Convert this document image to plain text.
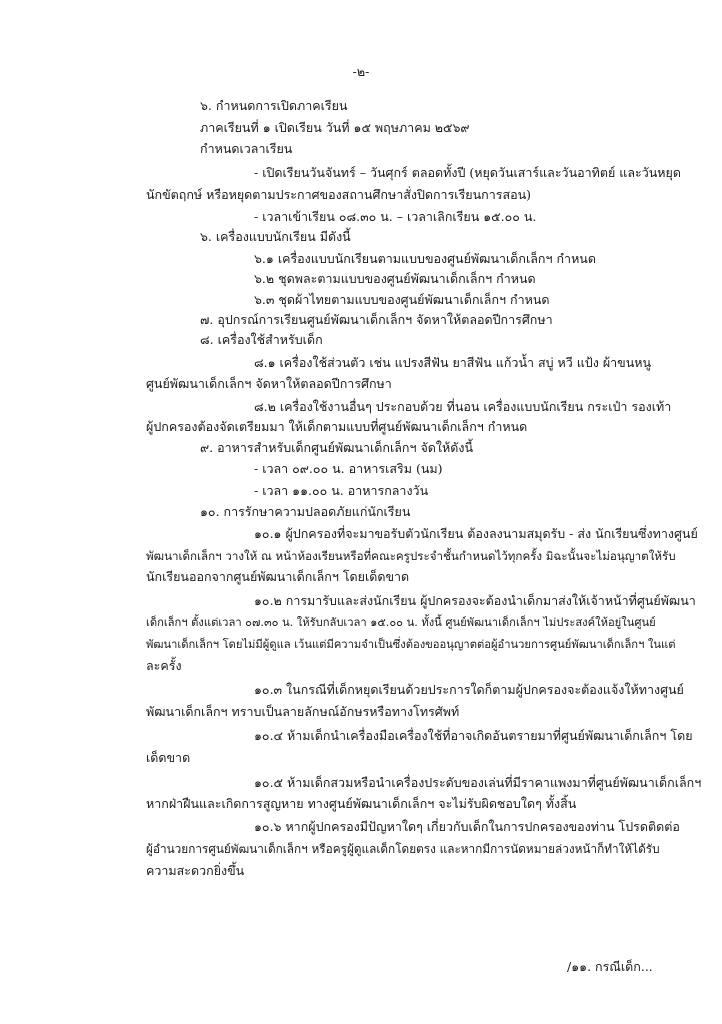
-๒-
๖. กำหนดการเปิดภาคเรียน
ภาคเรียนที่ ๑ เปิดเรียน วันที่ ๑๕ พฤษภาคม ๒๕๖๙
กำหนดเวลาเรียน
- เปิดเรียนวันจันทร์ – วันศุกร์ ตลอดทั้งปี (หยุดวันเสาร์และวันอาทิตย์ และวันหยุด
นักขัตฤกษ์ หรือหยุดตามประกาศของสถานศึกษาสั่งปิดการเรียนการสอน)
- เวลาเข้าเรียน ๐๘.๓๐ น. – เวลาเลิกเรียน ๑๕.๐๐ น.
๖. เครื่องแบบนักเรียน มีดังนี้
๖.๑ เครื่องแบบนักเรียนตามแบบของศูนย์พัฒนาเด็กเล็กฯ กำหนด
๖.๒ ชุดพละตามแบบของศูนย์พัฒนาเด็กเล็กฯ กำหนด
๖.๓ ชุดผ้าไทยตามแบบของศูนย์พัฒนาเด็กเล็กฯ กำหนด
๗. อุปกรณ์การเรียนศูนย์พัฒนาเด็กเล็กฯ จัดหาให้ตลอดปีการศึกษา
๘. เครื่องใช้สำหรับเด็ก
๘.๑ เครื่องใช้ส่วนตัว เช่น แปรงสีฟัน ยาสีฟัน แก้วน้ำ สบู่ หวี แป้ง ผ้าขนหนู
ศูนย์พัฒนาเด็กเล็กฯ จัดหาให้ตลอดปีการศึกษา
๘.๒ เครื่องใช้งานอื่นๆ ประกอบด้วย ที่นอน เครื่องแบบนักเรียน กระเป๋า รองเท้า
ผู้ปกครองต้องจัดเตรียมมา ให้เด็กตามแบบที่ศูนย์พัฒนาเด็กเล็กฯ กำหนด
๙. อาหารสำหรับเด็กศูนย์พัฒนาเด็กเล็กฯ จัดให้ดังนี้
- เวลา ๐๙.๐๐ น. อาหารเสริม (นม)
- เวลา ๑๑.๐๐ น. อาหารกลางวัน
๑๐. การรักษาความปลอดภัยแก่นักเรียน
๑๐.๑ ผู้ปกครองที่จะมาขอรับตัวนักเรียน ต้องลงนามสมุดรับ - ส่ง นักเรียนซึ่งทางศูนย์
พัฒนาเด็กเล็กฯ วางให้ ณ หน้าห้องเรียนหรือที่คณะครูประจำชั้นกำหนดไว้ทุกครั้ง มิฉะนั้นจะไม่อนุญาตให้รับ
นักเรียนออกจากศูนย์พัฒนาเด็กเล็กฯ โดยเด็ดขาด
๑๐.๒ การมารับและส่งนักเรียน ผู้ปกครองจะต้องนำเด็กมาส่งให้เจ้าหน้าที่ศูนย์พัฒนา
เด็กเล็กฯ ตั้งแต่เวลา ๐๗.๓๐ น. ให้รับกลับเวลา ๑๕.๐๐ น. ทั้งนี้ ศูนย์พัฒนาเด็กเล็กฯ ไม่ประสงค์ให้อยู่ในศูนย์
พัฒนาเด็กเล็กฯ โดยไม่มีผู้ดูแล เว้นแต่มีความจำเป็นซึ่งต้องขออนุญาตต่อผู้อำนวยการศูนย์พัฒนาเด็กเล็กฯ ในแต่
ละครั้ง
๑๐.๓ ในกรณีที่เด็กหยุดเรียนด้วยประการใดก็ตามผู้ปกครองจะต้องแจ้งให้ทางศูนย์
พัฒนาเด็กเล็กฯ ทราบเป็นลายลักษณ์อักษรหรือทางโทรศัพท์
๑๐.๔ ห้ามเด็กนำเครื่องมือเครื่องใช้ที่อาจเกิดอันตรายมาที่ศูนย์พัฒนาเด็กเล็กฯ โดย
เด็ดขาด
๑๐.๕ ห้ามเด็กสวมหรือนำเครื่องประดับของเล่นที่มีราคาแพงมาที่ศูนย์พัฒนาเด็กเล็กฯ
หากฝ่าฝืนและเกิดการสูญหาย ทางศูนย์พัฒนาเด็กเล็กฯ จะไม่รับผิดชอบใดๆ ทั้งสิ้น
๑๐.๖ หากผู้ปกครองมีปัญหาใดๆ เกี่ยวกับเด็กในการปกครองของท่าน โปรดติดต่อ
ผู้อำนวยการศูนย์พัฒนาเด็กเล็กฯ หรือครูผู้ดูแลเด็กโดยตรง และหากมีการนัดหมายล่วงหน้าก็ทำให้ได้รับ
ความสะดวกยิ่งขึ้น
/๑๑. กรณีเด็ก...
